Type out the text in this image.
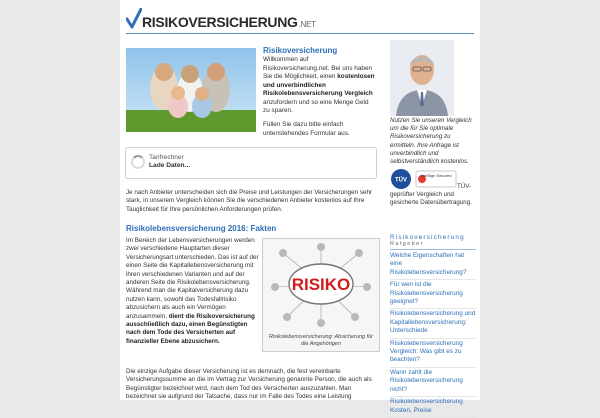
RISIKOVERSICHERUNG.NET
Risikoversicherung
Willkommen auf Risikoversicherung.net. Bei uns haben Sie die Möglichkeit, einen kostenlosen und unverbindlichen Risikolebensversicherung Vergleich anzufordern und so eine Menge Geld zu sparen.
Füllen Sie dazu bitte einfach untenstehendes Formular aus.
Tarifrechner
Lade Daten...
Je nach Anbieter unterscheiden sich die Preise und Leistungen der Versicherungen sehr stark, in unserem Vergleich können Sie die verschiedenen Anbieter kostenlos auf Ihre Tauglichkeit für Ihre persönlichen Anforderungen prüfen.
Risikolebensversicherung 2016: Fakten
Im Bereich der Lebensversicherungen werden zwei verschiedene Hauptarten dieser Versicherungsart unterschieden. Das ist auf der einen Seite die Kapitallebensversicherung mit ihren verschiedenen Varianten und auf der anderen Seite die Risikolebensversicherung. Während man die Kapitalversicherung dazu nutzen kann, sowohl das Todesfallrisiko abzusichern als auch ein Vermögen anzusammeln, dient die Risikoversicherung ausschließlich dazu, einen Begünstigten nach dem Tode des Versicherten auf finanzieller Ebene abzusichern.
RISIKO
Risikolebensversicherung: Absicherung für die Angehörigen
Die einzige Aufgabe dieser Versicherung ist es demnach, die fest vereinbarte Versicherungssumme an die im Vertrag zur Versicherung genannte Person, die auch als Begünstigter bezeichnet wird, nach dem Tod des Versicherten auszuzahlen. Man bezeichnet sie aufgrund der Tatsache, dass nur im Falle des Todes eine Leistung
Nutzen Sie unseren Vergleich um die für Sie optimale Risikoversicherung zu ermitteln. Ihre Anfrage ist unverbindlich und selbstverständlich kostenlos.
TÜV
VeriSign Secured
TÜV-
geprüfter Vergleich und gesicherte Datenübertragung.
Risikoversicherung
Ratgeber
Welche Eigenschaften hat eine Risikolebensversicherung?
Für wen ist die Risikolebensversicherung geeignet?
Risikolebensversicherung und Kapitallebensversicherung: Unterschiede
Risikolebensversicherung Vergleich: Was gibt es zu beachten?
Wann zahlt die Risikolebensversicherung nicht?
Risikolebensversicherung Kosten, Preise
